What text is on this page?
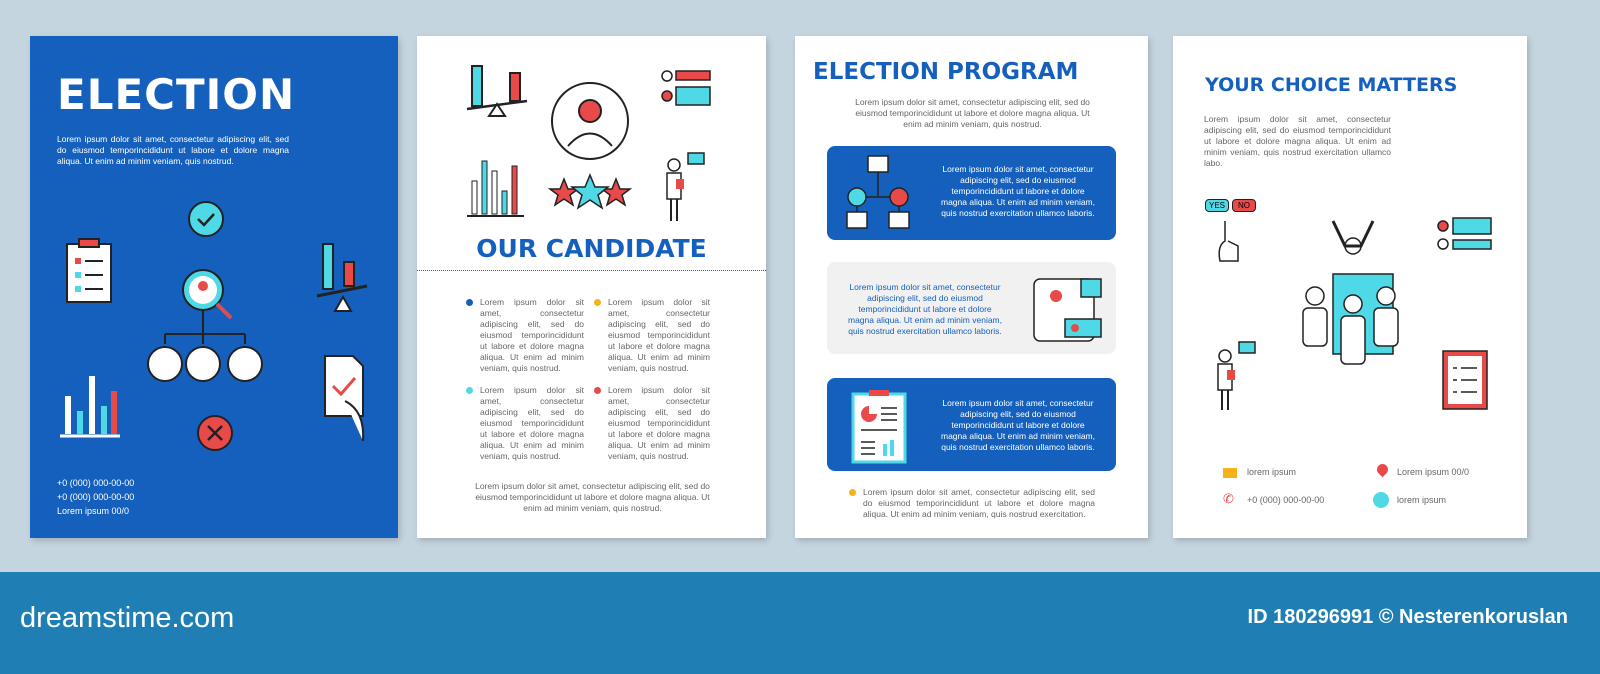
ELECTION
Lorem ipsum dolor sit amet, consectetur adipiscing elit, sed do eiusmod temporincididunt ut labore et dolore magna aliqua. Ut enim ad minim veniam, quis nostrud.
+0 (000) 000-00-00
+0 (000) 000-00-00
Lorem ipsum 00/0
OUR CANDIDATE
Lorem ipsum dolor sit amet, consectetur adipiscing elit, sed do eiusmod temporincididunt ut labore et dolore magna aliqua. Ut enim ad minim veniam, quis nostrud.
Lorem ipsum dolor sit amet, consectetur adipiscing elit, sed do eiusmod temporincididunt ut labore et dolore magna aliqua. Ut enim ad minim veniam, quis nostrud.
Lorem ipsum dolor sit amet, consectetur adipiscing elit, sed do eiusmod temporincididunt ut labore et dolore magna aliqua. Ut enim ad minim veniam, quis nostrud.
Lorem ipsum dolor sit amet, consectetur adipiscing elit, sed do eiusmod temporincididunt ut labore et dolore magna aliqua. Ut enim ad minim veniam, quis nostrud.
Lorem ipsum dolor sit amet, consectetur adipiscing elit, sed do eiusmod temporincididunt ut labore et dolore magna aliqua. Ut enim ad minim veniam, quis nostrud.
ELECTION PROGRAM
Lorem ipsum dolor sit amet, consectetur adipiscing elit, sed do eiusmod temporincididunt ut labore et dolore magna aliqua. Ut enim ad minim veniam, quis nostrud.
Lorem ipsum dolor sit amet, consectetur adipiscing elit, sed do eiusmod temporincididunt ut labore et dolore magna aliqua. Ut enim ad minim veniam, quis nostrud exercitation ullamco laboris.
Lorem ipsum dolor sit amet, consectetur adipiscing elit, sed do eiusmod temporincididunt ut labore et dolore magna aliqua. Ut enim ad minim veniam, quis nostrud exercitation ullamco laboris.
Lorem ipsum dolor sit amet, consectetur adipiscing elit, sed do eiusmod temporincididunt ut labore et dolore magna aliqua. Ut enim ad minim veniam, quis nostrud exercitation ullamco laboris.
Lorem ipsum dolor sit amet, consectetur adipiscing elit, sed do eiusmod temporincididunt ut labore et dolore magna aliqua. Ut enim ad minim veniam, quis nostrud exercitation.
YOUR CHOICE MATTERS
Lorem ipsum dolor sit amet, consectetur adipiscing elit, sed do eiusmod temporincididunt ut labore et dolore magna aliqua. Ut enim ad minim veniam, quis nostrud exercitation ullamco labo.
YES	NO
lorem ipsum
✆ +0 (000) 000-00-00
Lorem ipsum 00/0
lorem ipsum
dreamstime.com	ID 180296991 © Nesterenkoruslan
